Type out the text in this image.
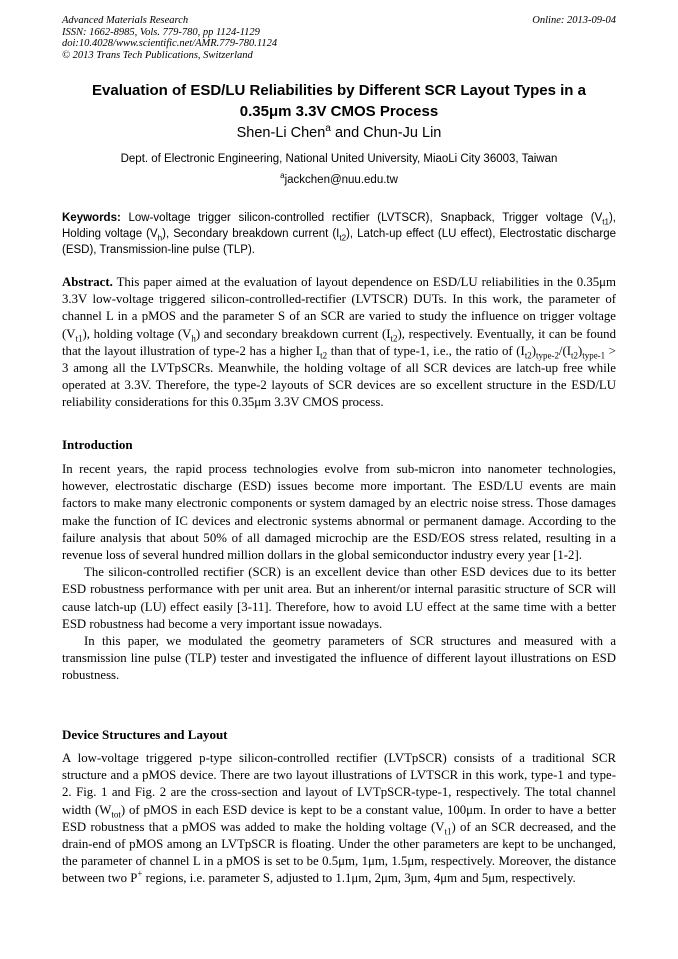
Advanced Materials Research
ISSN: 1662-8985, Vols. 779-780, pp 1124-1129
doi:10.4028/www.scientific.net/AMR.779-780.1124
© 2013 Trans Tech Publications, Switzerland
Online: 2013-09-04
Evaluation of ESD/LU Reliabilities by Different SCR Layout Types in a
0.35μm 3.3V CMOS Process
Shen-Li Chen$^a$ and Chun-Ju Lin
Dept. of Electronic Engineering, National United University, MiaoLi City 36003, Taiwan
$^a$jackchen@nuu.edu.tw
Keywords: Low-voltage trigger silicon-controlled rectifier (LVTSCR), Snapback, Trigger voltage $(V_{t1})$, Holding voltage $(V_h)$, Secondary breakdown current $(I_{t2})$, Latch-up effect (LU effect), Electrostatic discharge (ESD), Transmission-line pulse (TLP).
Abstract. This paper aimed at the evaluation of layout dependence on ESD/LU reliabilities in the 0.35μm 3.3V low-voltage triggered silicon-controlled-rectifier (LVTSCR) DUTs. In this work, the parameter of channel L in a pMOS and the parameter S of an SCR are varied to study the influence on trigger voltage $(V_{t1})$, holding voltage $(V_h)$ and secondary breakdown current $(I_{t2})$, respectively. Eventually, it can be found that the layout illustration of type-2 has a higher $I_{t2}$ than that of type-1, i.e., the ratio of $(I_{t2})_{type-2}/(I_{t2})_{type-1} > 3$ among all the LVTpSCRs. Meanwhile, the holding voltage of all SCR devices are latch-up free while operated at 3.3V. Therefore, the type-2 layouts of SCR devices are so excellent structure in the ESD/LU reliability considerations for this 0.35μm 3.3V CMOS process.
Introduction

In recent years, the rapid process technologies evolve from sub-micron into nanometer technologies, however, electrostatic discharge (ESD) issues become more important. The ESD/LU events are main factors to make many electronic components or system damaged by an electric noise stress. Those damages make the function of IC devices and electronic systems abnormal or permanent damage. According to the failure analysis that about 50% of all damaged microchip are the ESD/EOS stress related, resulting in a revenue loss of several hundred million dollars in the global semiconductor industry every year [1-2].

The silicon-controlled rectifier (SCR) is an excellent device than other ESD devices due to its better ESD robustness performance with per unit area. But an inherent/or internal parasitic structure of SCR will cause latch-up (LU) effect easily [3-11]. Therefore, how to avoid LU effect at the same time with a better ESD robustness had become a very important issue nowadays.

In this paper, we modulated the geometry parameters of SCR structures and measured with a transmission line pulse (TLP) tester and investigated the influence of different layout illustrations on ESD robustness.

Device Structures and Layout
A low-voltage triggered p-type silicon-controlled rectifier (LVTpSCR) consists of a traditional SCR structure and a pMOS device. There are two layout illustrations of LVTSCR in this work, type-1 and type-2. Fig. 1 and Fig. 2 are the cross-section and layout of LVTpSCR-type-1, respectively. The total channel width $(W_{tot})$ of pMOS in each ESD device is kept to be a constant value, 100μm. In order to have a better ESD robustness that a pMOS was added to make the holding voltage $(V_{t1})$ of an SCR decreased, and the drain-end of pMOS among an LVTpSCR is floating. Under the other parameters are kept to be unchanged, the parameter of channel L in a pMOS is set to be 0.5μm, 1μm, 1.5μm, respectively. Moreover, the distance between two P+ regions, i.e. parameter S, adjusted to 1.1μm, 2μm, 3μm, 4μm and 5μm, respectively.
